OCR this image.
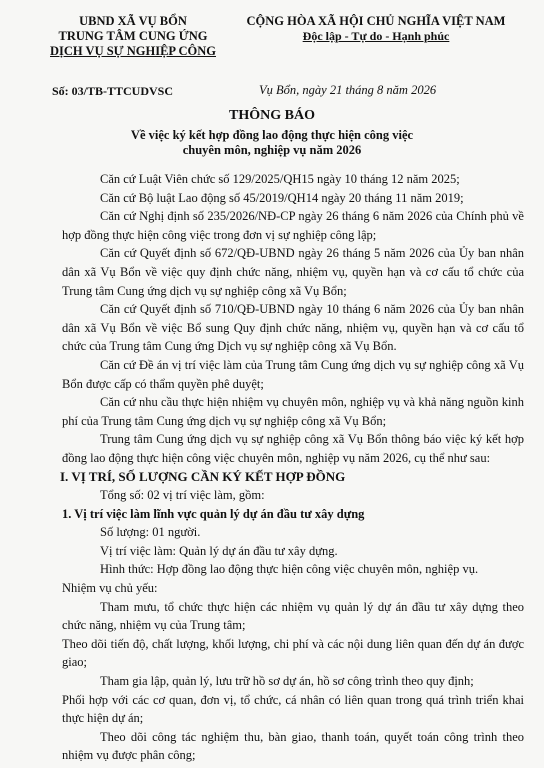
UBND XÃ VỤ BỔN
TRUNG TÂM CUNG ỨNG
DỊCH VỤ SỰ NGHIỆP CÔNG
CỘNG HÒA XÃ HỘI CHỦ NGHĨA VIỆT NAM
Độc lập - Tự do - Hạnh phúc
Số: 03/TB-TTCUDVSC	Vụ Bổn, ngày 21 tháng 8 năm 2026
THÔNG BÁO
Về việc ký kết hợp đồng lao động thực hiện công việc
chuyên môn, nghiệp vụ năm 2026

Căn cứ Luật Viên chức số 129/2025/QH15 ngày 10 tháng 12 năm 2025;

Căn cứ Bộ luật Lao động số 45/2019/QH14 ngày 20 tháng 11 năm 2019;

Căn cứ Nghị định số 235/2026/NĐ-CP ngày 26 tháng 6 năm 2026 của Chính phủ về hợp đồng thực hiện công việc trong đơn vị sự nghiệp công lập;

Căn cứ Quyết định số 672/QĐ-UBND ngày 26 tháng 5 năm 2026 của Ủy ban nhân dân xã Vụ Bổn về việc quy định chức năng, nhiệm vụ, quyền hạn và cơ cấu tổ chức của Trung tâm Cung ứng dịch vụ sự nghiệp công xã Vụ Bổn;

Căn cứ Quyết định số 710/QĐ-UBND ngày 10 tháng 6 năm 2026 của Ủy ban nhân dân xã Vụ Bổn về việc Bổ sung Quy định chức năng, nhiệm vụ, quyền hạn và cơ cấu tổ chức của Trung tâm Cung ứng Dịch vụ sự nghiệp công xã Vụ Bổn.

Căn cứ Đề án vị trí việc làm của Trung tâm Cung ứng dịch vụ sự nghiệp công xã Vụ Bổn được cấp có thẩm quyền phê duyệt;

Căn cứ nhu cầu thực hiện nhiệm vụ chuyên môn, nghiệp vụ và khả năng nguồn kinh phí của Trung tâm Cung ứng dịch vụ sự nghiệp công xã Vụ Bổn;

Trung tâm Cung ứng dịch vụ sự nghiệp công xã Vụ Bổn thông báo việc ký kết hợp đồng lao động thực hiện công việc chuyên môn, nghiệp vụ năm 2026, cụ thể như sau:

I. VỊ TRÍ, SỐ LƯỢNG CẦN KÝ KẾT HỢP ĐỒNG

Tổng số: 02 vị trí việc làm, gồm:

1. Vị trí việc làm lĩnh vực quản lý dự án đầu tư xây dựng

Số lượng: 01 người.

Vị trí việc làm: Quản lý dự án đầu tư xây dựng.

Hình thức: Hợp đồng lao động thực hiện công việc chuyên môn, nghiệp vụ.

Nhiệm vụ chủ yếu:

Tham mưu, tổ chức thực hiện các nhiệm vụ quản lý dự án đầu tư xây dựng theo chức năng, nhiệm vụ của Trung tâm;

Theo dõi tiến độ, chất lượng, khối lượng, chi phí và các nội dung liên quan đến dự án được giao;

Tham gia lập, quản lý, lưu trữ hồ sơ dự án, hồ sơ công trình theo quy định;

Phối hợp với các cơ quan, đơn vị, tổ chức, cá nhân có liên quan trong quá trình triển khai thực hiện dự án;

Theo dõi công tác nghiệm thu, bàn giao, thanh toán, quyết toán công trình theo nhiệm vụ được phân công;
